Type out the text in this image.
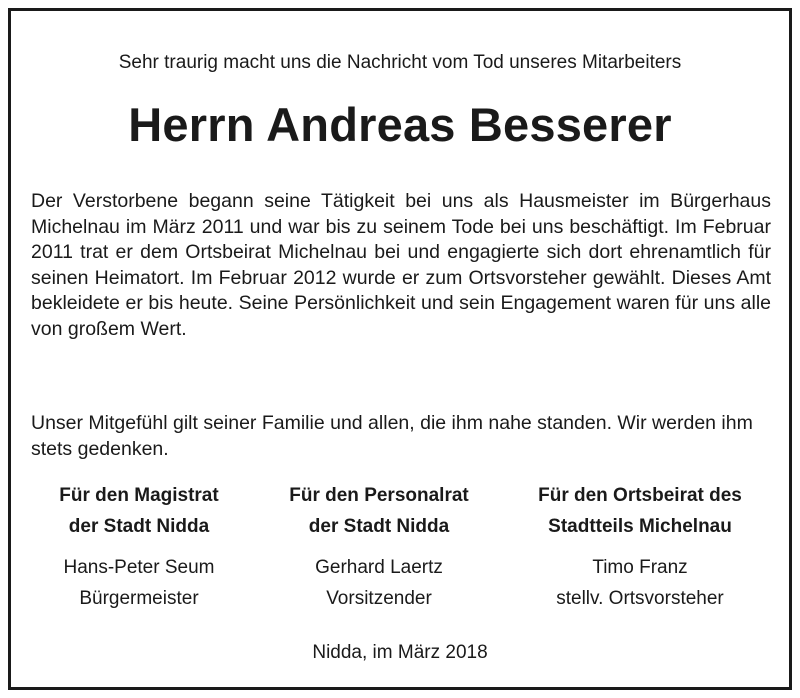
Sehr traurig macht uns die Nachricht vom Tod unseres Mitarbeiters
Herrn Andreas Besserer
Der Verstorbene begann seine Tätigkeit bei uns als Hausmeister im Bürgerhaus Michelnau im März 2011 und war bis zu seinem Tode bei uns beschäftigt. Im Februar 2011 trat er dem Ortsbeirat Michelnau bei und engagierte sich dort ehrenamtlich für seinen Heimatort. Im Februar 2012 wurde er zum Ortsvorsteher gewählt. Dieses Amt bekleidete er bis heute. Seine Persönlichkeit und sein Engagement waren für uns alle von großem Wert.
Unser Mitgefühl gilt seiner Familie und allen, die ihm nahe standen. Wir werden ihm stets gedenken.
Für den Magistrat
der Stadt Nidda
Hans-Peter Seum
Bürgermeister
Für den Personalrat
der Stadt Nidda
Gerhard Laertz
Vorsitzender
Für den Ortsbeirat des
Stadtteils Michelnau
Timo Franz
stellv. Ortsvorsteher
Nidda, im März 2018
